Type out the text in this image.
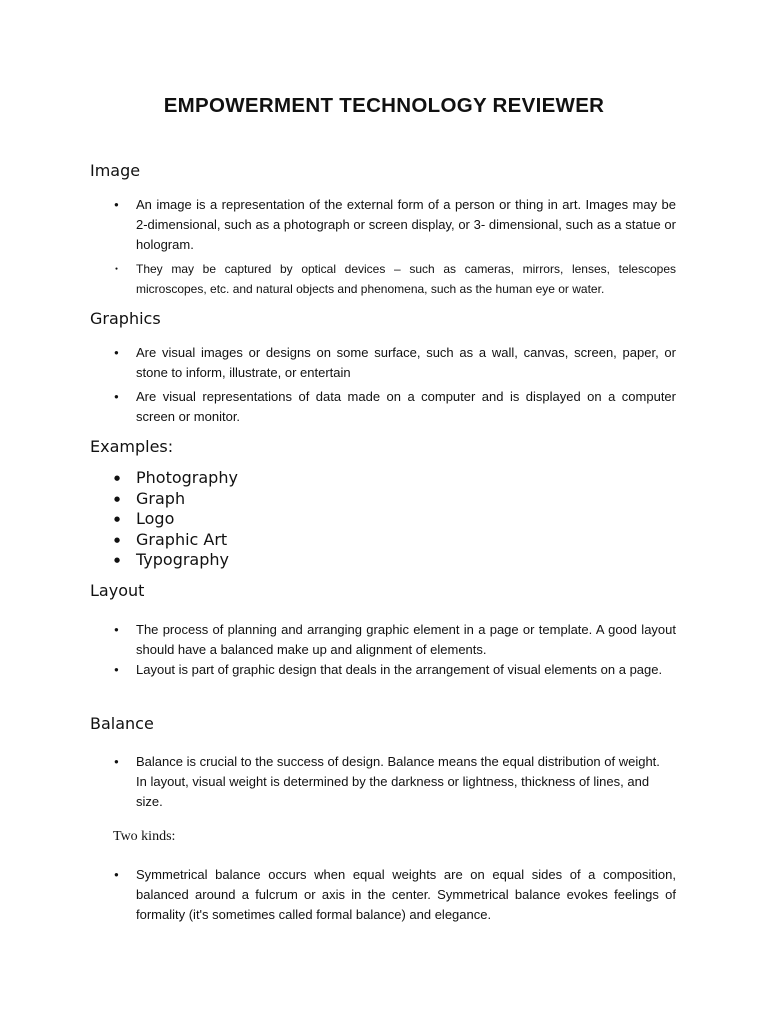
EMPOWERMENT TECHNOLOGY REVIEWER
Image
● An image is a representation of the external form of a person or thing in art. Images may be 2-dimensional, such as a photograph or screen display, or 3- dimensional, such as a statue or hologram.
● They may be captured by optical devices – such as cameras, mirrors, lenses, telescopes microscopes, etc. and natural objects and phenomena, such as the human eye or water.
Graphics
● Are visual images or designs on some surface, such as a wall, canvas, screen, paper, or stone to inform, illustrate, or entertain
● Are visual representations of data made on a computer and is displayed on a computer screen or monitor.
Examples:
● Photography
● Graph
● Logo
● Graphic Art
● Typography
Layout
● The process of planning and arranging graphic element in a page or template. A good layout should have a balanced make up and alignment of elements.
● Layout is part of graphic design that deals in the arrangement of visual elements on a page.
Balance
● Balance is crucial to the success of design. Balance means the equal distribution of weight. In layout, visual weight is determined by the darkness or lightness, thickness of lines, and size.

Two kinds:

● Symmetrical balance occurs when equal weights are on equal sides of a composition, balanced around a fulcrum or axis in the center. Symmetrical balance evokes feelings of formality (it's sometimes called formal balance) and elegance.
